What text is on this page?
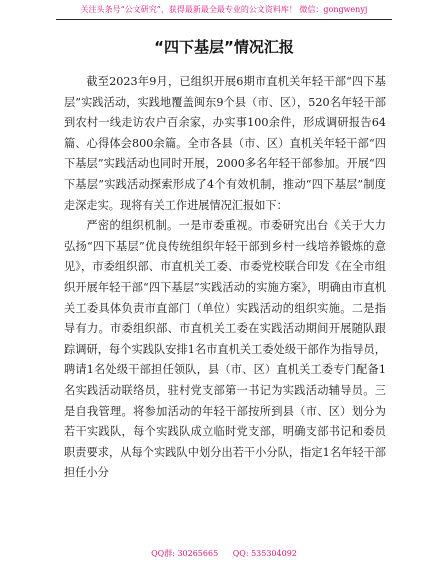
关注头条号“公文研究”，获得最新最全最专业的公文资料库！ 微信：gongwenyj
“四下基层”情况汇报

截至2023年9月，已组织开展6期市直机关年轻干部“四下基层”实践活动，实践地覆盖闽东9个县（市、区），520名年轻干部到农村一线走访农户百余家，办实事100余件，形成调研报告64篇、心得体会800余篇。全市各县（市、区）直机关年轻干部“四下基层”实践活动也同时开展，2000多名年轻干部参加。开展“四下基层”实践活动探索形成了4个有效机制，推动“四下基层”制度走深走实。现将有关工作进展情况汇报如下：

严密的组织机制。一是市委重视。市委研究出台《关于大力弘扬“四下基层”优良传统组织年轻干部到乡村一线培养锻炼的意见》，市委组织部、市直机关工委、市委党校联合印发《在全市组织开展年轻干部“四下基层”实践活动的实施方案》，明确由市直机关工委具体负责市直部门（单位）实践活动的组织实施。二是指导有力。市委组织部、市直机关工委在实践活动期间开展随队跟踪调研，每个实践队安排1名市直机关工委处级干部作为指导员，聘请1名处级干部担任领队，县（市、区）直机关工委专门配备1名实践活动联络员，驻村党支部第一书记为实践活动辅导员。三是自我管理。将参加活动的年轻干部按所到县（市、区）划分为若干实践队，每个实践队成立临时党支部，明确支部书记和委员职责要求，从每个实践队中划分出若干小分队，指定1名年轻干部担任小分

QQ群: 30265665 QQ: 535304092
